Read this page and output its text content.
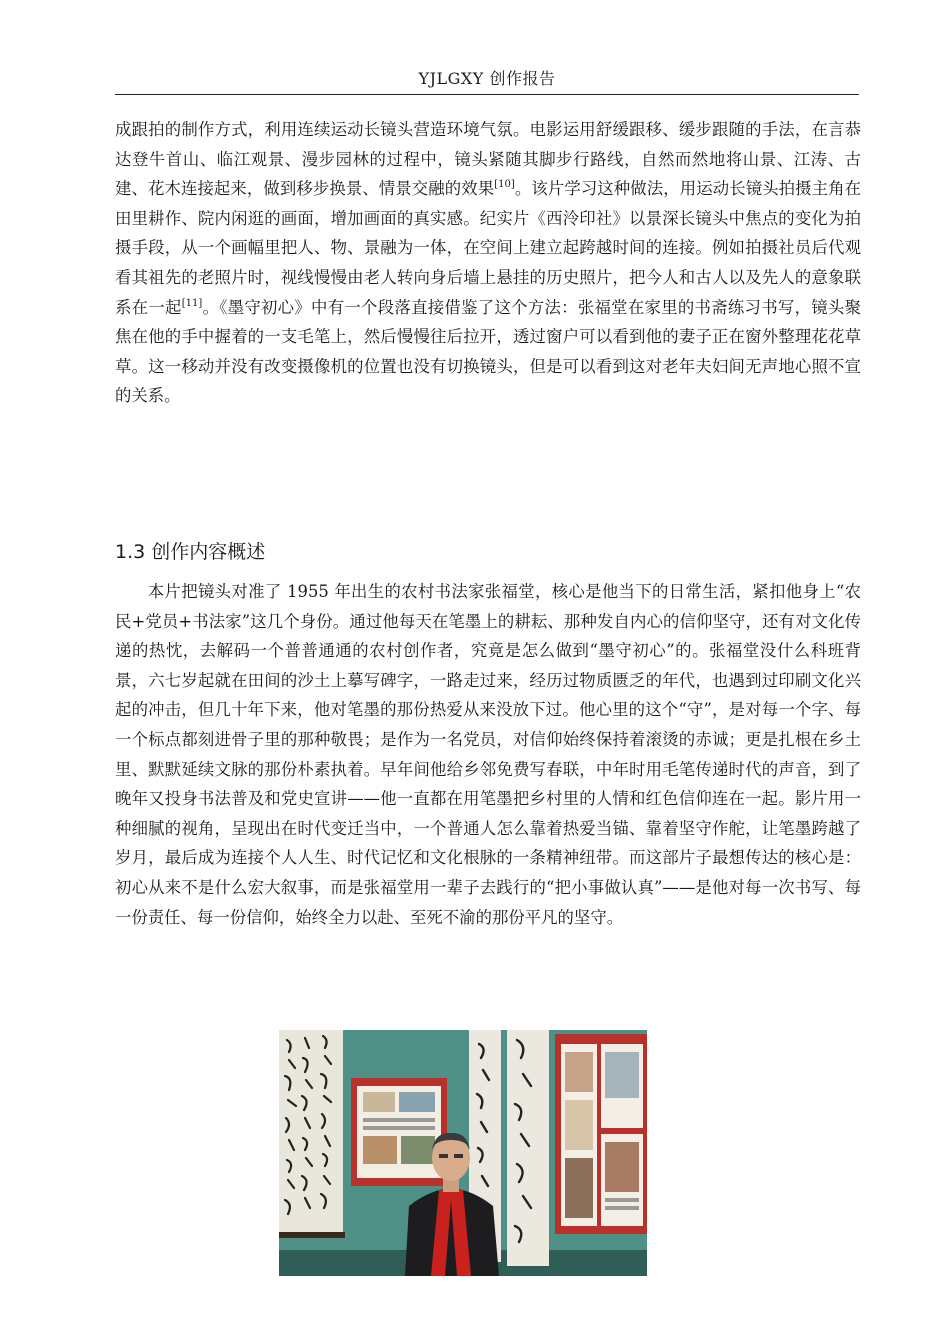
YJLGXY 创作报告

成跟拍的制作方式，利用连续运动长镜头营造环境气氛。电影运用舒缓跟移、缓步跟随的手法，在言恭达登牛首山、临江观景、漫步园林的过程中，镜头紧随其脚步行路线，自然而然地将山景、江涛、古建、花木连接起来，做到移步换景、情景交融的效果[10]。该片学习这种做法，用运动长镜头拍摄主角在田里耕作、院内闲逛的画面，增加画面的真实感。纪实片《西泠印社》以景深长镜头中焦点的变化为拍摄手段，从一个画幅里把人、物、景融为一体，在空间上建立起跨越时间的连接。例如拍摄社员后代观看其祖先的老照片时，视线慢慢由老人转向身后墙上悬挂的历史照片，把今人和古人以及先人的意象联系在一起[11]。《墨守初心》中有一个段落直接借鉴了这个方法：张福堂在家里的书斋练习书写，镜头聚焦在他的手中握着的一支毛笔上，然后慢慢往后拉开，透过窗户可以看到他的妻子正在窗外整理花花草草。这一移动并没有改变摄像机的位置也没有切换镜头，但是可以看到这对老年夫妇间无声地心照不宣的关系。

1.3 创作内容概述

本片把镜头对准了 1955 年出生的农村书法家张福堂，核心是他当下的日常生活，紧扣他身上“农民+党员+书法家”这几个身份。通过他每天在笔墨上的耕耘、那种发自内心的信仰坚守，还有对文化传递的热忱，去解码一个普普通通的农村创作者，究竟是怎么做到“墨守初心”的。张福堂没什么科班背景，六七岁起就在田间的沙土上摹写碑字，一路走过来，经历过物质匮乏的年代，也遇到过印刷文化兴起的冲击，但几十年下来，他对笔墨的那份热爱从来没放下过。他心里的这个“守”，是对每一个字、每一个标点都刻进骨子里的那种敬畏；是作为一名党员，对信仰始终保持着滚烫的赤诚；更是扎根在乡土里、默默延续文脉的那份朴素执着。早年间他给乡邻免费写春联，中年时用毛笔传递时代的声音，到了晚年又投身书法普及和党史宣讲——他一直都在用笔墨把乡村里的人情和红色信仰连在一起。影片用一种细腻的视角，呈现出在时代变迁当中，一个普通人怎么靠着热爱当锚、靠着坚守作舵，让笔墨跨越了岁月，最后成为连接个人人生、时代记忆和文化根脉的一条精神纽带。而这部片子最想传达的核心是：初心从来不是什么宏大叙事，而是张福堂用一辈子去践行的“把小事做认真”——是他对每一次书写、每一份责任、每一份信仰，始终全力以赴、至死不渝的那份平凡的坚守。
